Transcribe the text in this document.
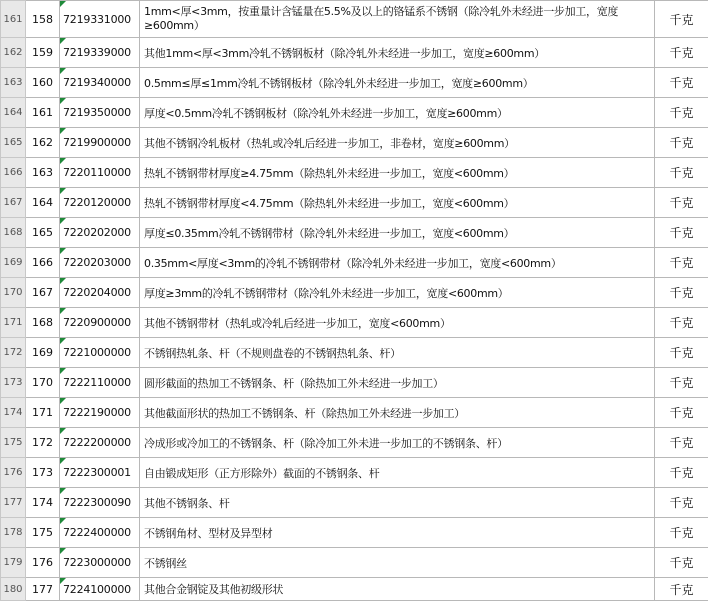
161	158	7219331000	1mm<厚<3mm，按重量计含锰量在5.5%及以上的铬锰系不锈钢（除冷轧外未经进一步加工，宽度≥600mm）	千克
162	159	7219339000	其他1mm<厚<3mm冷轧不锈钢板材（除冷轧外未经进一步加工，宽度≥600mm）	千克
163	160	7219340000	0.5mm≤厚≤1mm冷轧不锈钢板材（除冷轧外未经进一步加工，宽度≥600mm）	千克
164	161	7219350000	厚度<0.5mm冷轧不锈钢板材（除冷轧外未经进一步加工，宽度≥600mm）	千克
165	162	7219900000	其他不锈钢冷轧板材（热轧或冷轧后经进一步加工，非卷材，宽度≥600mm）	千克
166	163	7220110000	热轧不锈钢带材厚度≥4.75mm（除热轧外未经进一步加工，宽度<600mm）	千克
167	164	7220120000	热轧不锈钢带材厚度<4.75mm（除热轧外未经进一步加工，宽度<600mm）	千克
168	165	7220202000	厚度≤0.35mm冷轧不锈钢带材（除冷轧外未经进一步加工，宽度<600mm）	千克
169	166	7220203000	0.35mm<厚度<3mm的冷轧不锈钢带材（除冷轧外未经进一步加工，宽度<600mm）	千克
170	167	7220204000	厚度≥3mm的冷轧不锈钢带材（除冷轧外未经进一步加工，宽度<600mm）	千克
171	168	7220900000	其他不锈钢带材（热轧或冷轧后经进一步加工，宽度<600mm）	千克
172	169	7221000000	不锈钢热轧条、杆（不规则盘卷的不锈钢热轧条、杆）	千克
173	170	7222110000	圆形截面的热加工不锈钢条、杆（除热加工外未经进一步加工）	千克
174	171	7222190000	其他截面形状的热加工不锈钢条、杆（除热加工外未经进一步加工）	千克
175	172	7222200000	冷成形或冷加工的不锈钢条、杆（除冷加工外未进一步加工的不锈钢条、杆）	千克
176	173	7222300001	自由锻成矩形（正方形除外）截面的不锈钢条、杆	千克
177	174	7222300090	其他不锈钢条、杆	千克
178	175	7222400000	不锈钢角材、型材及异型材	千克
179	176	7223000000	不锈钢丝	千克
180	177	7224100000	其他合金钢锭及其他初级形状	千克
